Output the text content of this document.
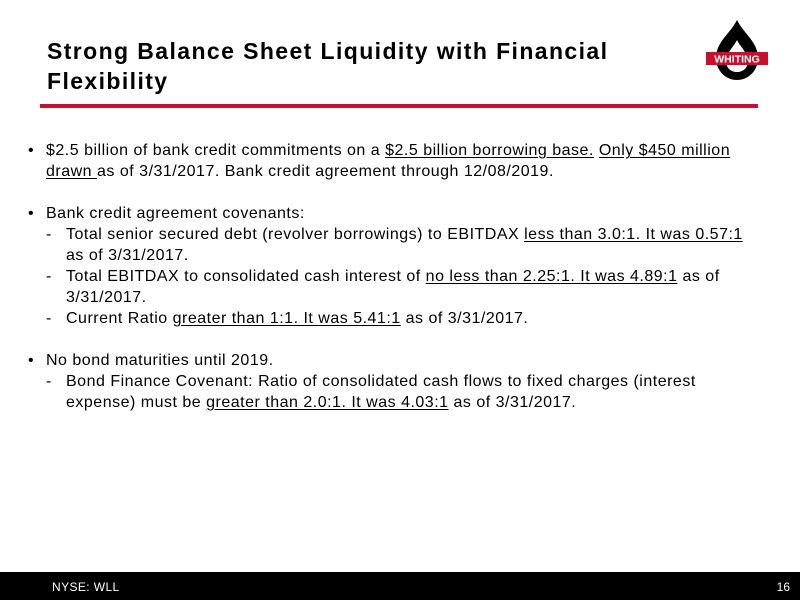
Strong Balance Sheet Liquidity with Financial Flexibility
WHITING
• $2.5 billion of bank credit commitments on a $2.5 billion borrowing base. Only $450 million drawn as of 3/31/2017. Bank credit agreement through 12/08/2019.
• Bank credit agreement covenants:
- Total senior secured debt (revolver borrowings) to EBITDAX less than 3.0:1. It was 0.57:1 as of 3/31/2017.
- Total EBITDAX to consolidated cash interest of no less than 2.25:1. It was 4.89:1 as of 3/31/2017.
- Current Ratio greater than 1:1. It was 5.41:1 as of 3/31/2017.
• No bond maturities until 2019.
- Bond Finance Covenant: Ratio of consolidated cash flows to fixed charges (interest expense) must be greater than 2.0:1. It was 4.03:1 as of 3/31/2017.
NYSE: WLL	16
